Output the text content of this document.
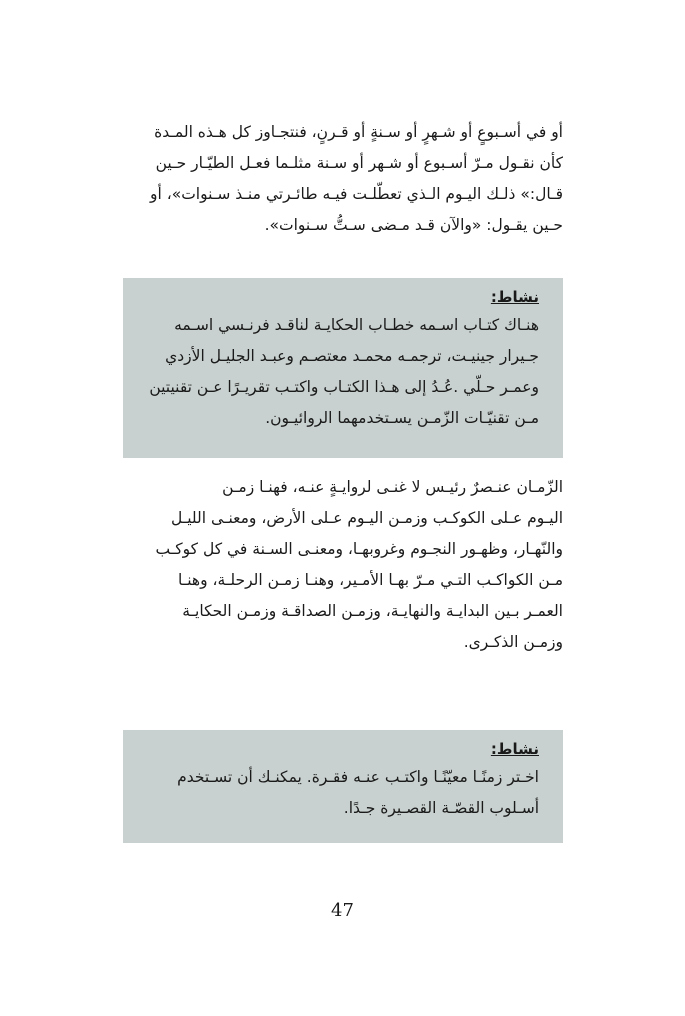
أو في أسـبوعٍ أو شـهرٍ أو سـنةٍ أو قـرنٍ، فنتجـاوز كل هـذه المـدة
كأن نقـول مـرّ أسـبوع أو شـهر أو سـنة مثلـما فعـل الطيّـار حـين
قـال:» ذلـك اليـوم الـذي تعطّلـت فيـه طائـرتي منـذ سـنوات»، أو
حـين يقـول: «والآن قـد مـضى سـتُّ سـنوات».
نشاط:
هنـاك كتـاب اسـمه خطـاب الحكايـة لناقـد فرنـسي اسـمه
جـيرار جينيـت، ترجمـه محمـد معتصـم وعبـد الجليـل الأزدي
وعمـر حـلّي .عُـدُ إلى هـذا الكتـاب واكتـب تقريـرًا عـن تقنيتين
مـن تقنيّـات الزّمـن يسـتخدمهما الروائيـون.
الزّمـان عنـصرٌ رئيـس لا غنـى لروايـةٍ عنـه، فهنـا زمـن
اليـوم عـلى الكوكـب وزمـن اليـوم عـلى الأرض، ومعنـى الليـل
والنّهـار، وظهـور النجـوم وغروبهـا، ومعنـى السـنة في كل كوكـب
مـن الكواكـب التـي مـرّ بهـا الأمـير، وهنـا زمـن الرحلـة، وهنـا
العمـر بـين البدايـة والنهايـة، وزمـن الصداقـة وزمـن الحكايـة
وزمـن الذكـرى.
نشاط:
اخـتر زمنًـا معيّنًـا واكتـب عنـه فقـرة. يمكنـك أن تسـتخدم
أسـلوب القصّـة القصـيرة جـدًا.
47
